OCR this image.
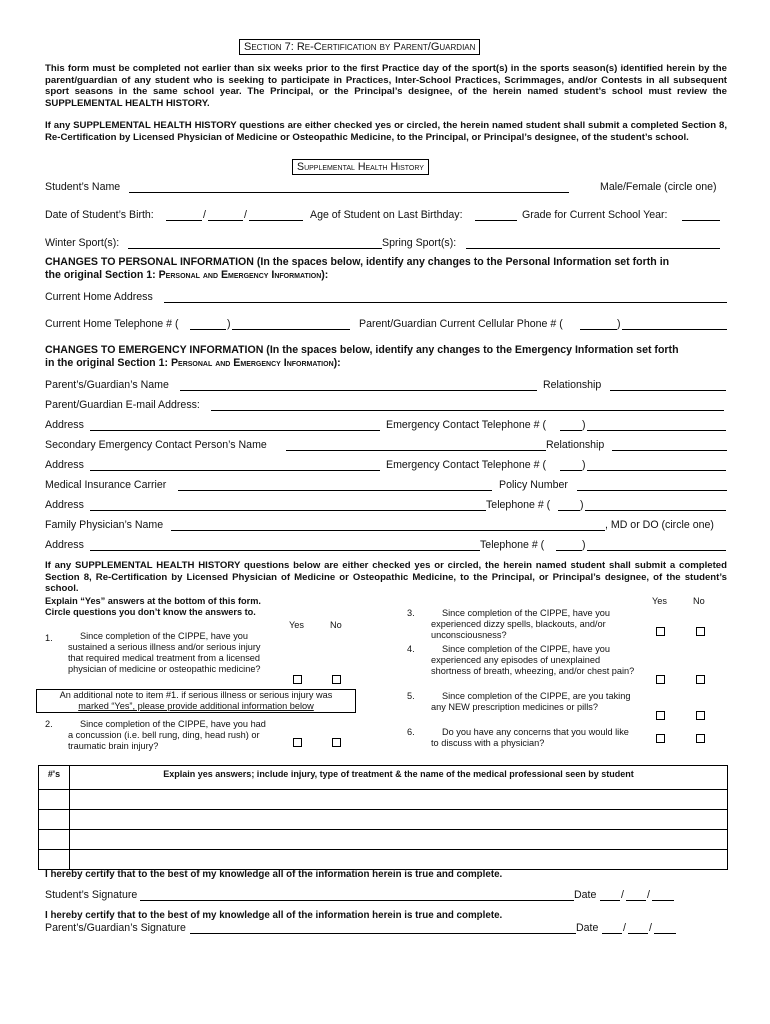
Section 7: Re-Certification by Parent/Guardian
This form must be completed not earlier than six weeks prior to the first Practice day of the sport(s) in the sports season(s) identified herein by the parent/guardian of any student who is seeking to participate in Practices, Inter-School Practices, Scrimmages, and/or Contests in all subsequent sport seasons in the same school year. The Principal, or the Principal’s designee, of the herein named student’s school must review the SUPPLEMENTAL HEALTH HISTORY.
If any SUPPLEMENTAL HEALTH HISTORY questions are either checked yes or circled, the herein named student shall submit a completed Section 8, Re-Certification by Licensed Physician of Medicine or Osteopathic Medicine, to the Principal, or Principal’s designee, of the student’s school.
Supplemental Health History
Student’s Name	Male/Female (circle one)
Date of Student’s Birth:	/	/	Age of Student on Last Birthday:	Grade for Current School Year:
Winter Sport(s):	Spring Sport(s):
CHANGES TO PERSONAL INFORMATION (In the spaces below, identify any changes to the Personal Information set forth in
the original Section 1: Personal and Emergency Information):
Current Home Address
Current Home Telephone # (	)	Parent/Guardian Current Cellular Phone # (	)
CHANGES TO EMERGENCY INFORMATION (In the spaces below, identify any changes to the Emergency Information set forth
in the original Section 1: Personal and Emergency Information):
Parent’s/Guardian’s Name	Relationship
Parent/Guardian E-mail Address:
Address	Emergency Contact Telephone # (	)
Secondary Emergency Contact Person’s Name	Relationship
Address	Emergency Contact Telephone # (	)
Medical Insurance Carrier	Policy Number
Address	Telephone # (	)
Family Physician’s Name	, MD or DO (circle one)
Address	Telephone # (	)
If any SUPPLEMENTAL HEALTH HISTORY questions below are either checked yes or circled, the herein named student shall submit a completed Section 8, Re-Certification by Licensed Physician of Medicine or Osteopathic Medicine, to the Principal, or Principal’s designee, of the student’s school.
Explain “Yes” answers at the bottom of this form.
Circle questions you don’t know the answers to.
Yes	No
1.	Since completion of the CIPPE, have you sustained a serious illness and/or serious injury that required medical treatment from a licensed physician of medicine or osteopathic medicine?
An additional note to item #1. if serious illness or serious injury was
marked “Yes”, please provide additional information below
2.	Since completion of the CIPPE, have you had a concussion (i.e. bell rung, ding, head rush) or traumatic brain injury?
Yes	No
3.	Since completion of the CIPPE, have you experienced dizzy spells, blackouts, and/or unconsciousness?
4.	Since completion of the CIPPE, have you experienced any episodes of unexplained shortness of breath, wheezing, and/or chest pain?
5.	Since completion of the CIPPE, are you taking any NEW prescription medicines or pills?
6.	Do you have any concerns that you would like to discuss with a physician?
#'s	Explain yes answers; include injury, type of treatment & the name of the medical professional seen by student

I hereby certify that to the best of my knowledge all of the information herein is true and complete.
Student’s Signature	Date / /
I hereby certify that to the best of my knowledge all of the information herein is true and complete.
Parent’s/Guardian’s Signature	Date / /
